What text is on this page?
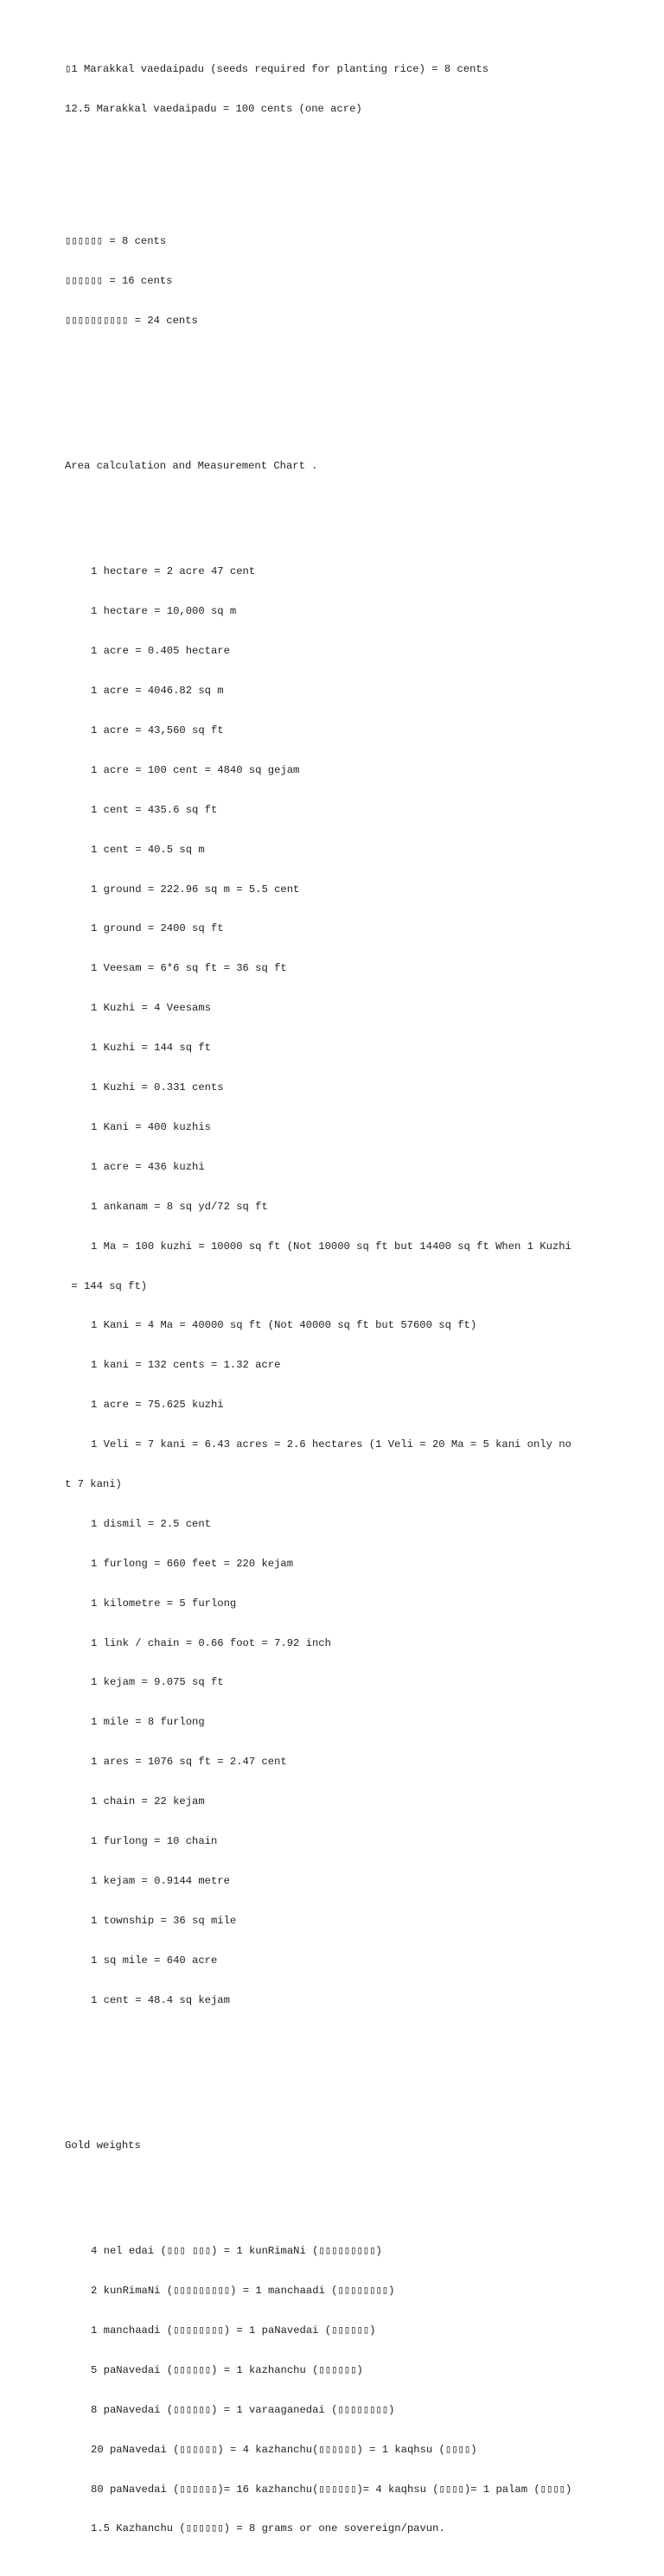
▯1 Marakkal vaedaipadu (seeds required for planting rice) = 8 cents

12.5 Marakkal vaedaipadu = 100 cents (one acre)

▯▯▯▯▯▯ = 8 cents

▯▯▯▯▯▯ = 16 cents

▯▯▯▯▯▯▯▯▯▯ = 24 cents

Area calculation and Measurement Chart .

1 hectare = 2 acre 47 cent

1 hectare = 10,000 sq m

1 acre = 0.405 hectare

1 acre = 4046.82 sq m

1 acre = 43,560 sq ft

1 acre = 100 cent = 4840 sq gejam

1 cent = 435.6 sq ft

1 cent = 40.5 sq m

1 ground = 222.96 sq m = 5.5 cent

1 ground = 2400 sq ft

1 Veesam = 6*6 sq ft = 36 sq ft

1 Kuzhi = 4 Veesams

1 Kuzhi = 144 sq ft

1 Kuzhi = 0.331 cents

1 Kani = 400 kuzhis

1 acre = 436 kuzhi

1 ankanam = 8 sq yd/72 sq ft

1 Ma = 100 kuzhi = 10000 sq ft (Not 10000 sq ft but 14400 sq ft When 1 Kuzhi

= 144 sq ft)

1 Kani = 4 Ma = 40000 sq ft (Not 40000 sq ft but 57600 sq ft)

1 kani = 132 cents = 1.32 acre

1 acre = 75.625 kuzhi

1 Veli = 7 kani = 6.43 acres = 2.6 hectares (1 Veli = 20 Ma = 5 kani only no

t 7 kani)

1 dismil = 2.5 cent

1 furlong = 660 feet = 220 kejam

1 kilometre = 5 furlong

1 link / chain = 0.66 foot = 7.92 inch

1 kejam = 9.075 sq ft

1 mile = 8 furlong

1 ares = 1076 sq ft = 2.47 cent

1 chain = 22 kejam

1 furlong = 10 chain

1 kejam = 0.9144 metre

1 township = 36 sq mile

1 sq mile = 640 acre

1 cent = 48.4 sq kejam

Gold weights

4 nel edai (▯▯▯ ▯▯▯) = 1 kunRimaNi (▯▯▯▯▯▯▯▯▯)

2 kunRimaNi (▯▯▯▯▯▯▯▯▯) = 1 manchaadi (▯▯▯▯▯▯▯▯)

1 manchaadi (▯▯▯▯▯▯▯▯) = 1 paNavedai (▯▯▯▯▯▯)

5 paNavedai (▯▯▯▯▯▯) = 1 kazhanchu (▯▯▯▯▯▯)

8 paNavedai (▯▯▯▯▯▯) = 1 varaaganedai (▯▯▯▯▯▯▯▯)

20 paNavedai (▯▯▯▯▯▯) = 4 kazhanchu(▯▯▯▯▯▯) = 1 kaqhsu (▯▯▯▯)

80 paNavedai (▯▯▯▯▯▯)= 16 kazhanchu(▯▯▯▯▯▯)= 4 kaqhsu (▯▯▯▯)= 1 palam (▯▯▯▯)

1.5 Kazhanchu (▯▯▯▯▯▯) = 8 grams or one sovereign/pavun.
